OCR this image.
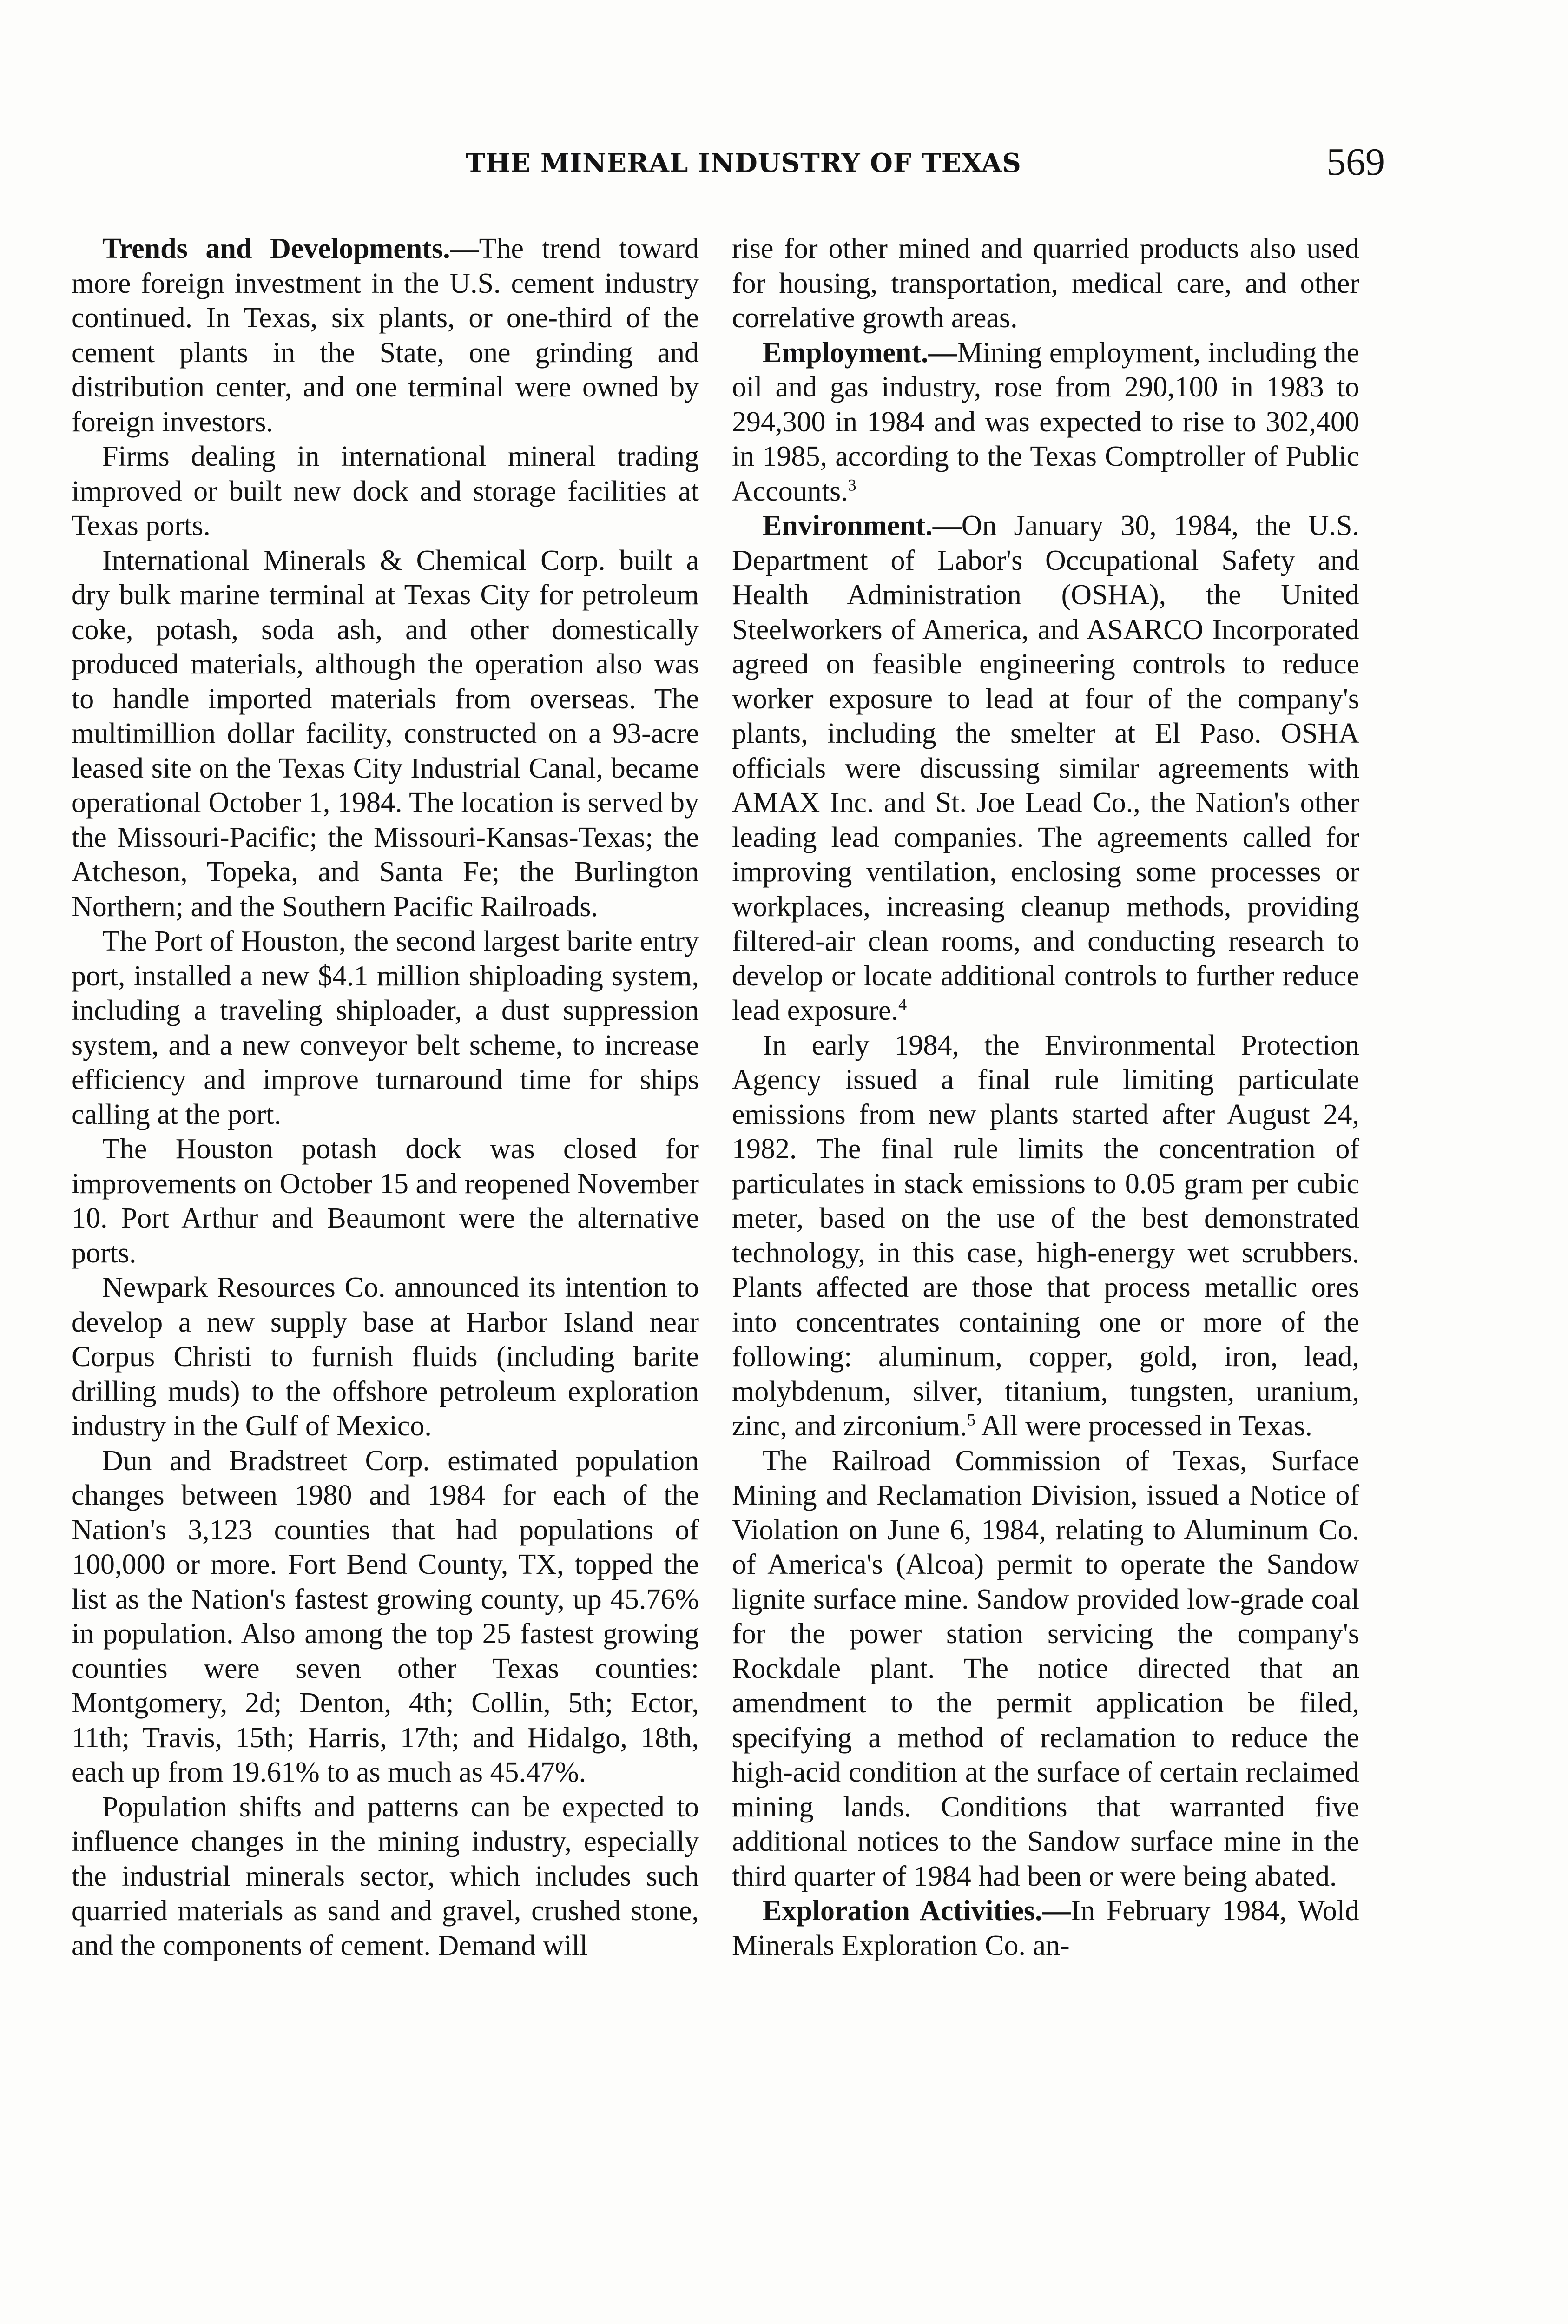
THE MINERAL INDUSTRY OF TEXAS	569

Trends and Developments.—The trend toward more foreign investment in the U.S. cement industry continued. In Texas, six plants, or one-third of the cement plants in the State, one grinding and distribution center, and one terminal were owned by foreign investors.

Firms dealing in international mineral trading improved or built new dock and storage facilities at Texas ports.

International Minerals & Chemical Corp. built a dry bulk marine terminal at Texas City for petroleum coke, potash, soda ash, and other domestically produced materials, although the operation also was to handle imported materials from overseas. The multimillion dollar facility, constructed on a 93-acre leased site on the Texas City Industrial Canal, became operational October 1, 1984. The location is served by the Missouri-Pacific; the Missouri-Kansas-Texas; the Atcheson, Topeka, and Santa Fe; the Burlington Northern; and the Southern Pacific Railroads.

The Port of Houston, the second largest barite entry port, installed a new $4.1 million shiploading system, including a traveling shiploader, a dust suppression system, and a new conveyor belt scheme, to increase efficiency and improve turnaround time for ships calling at the port.

The Houston potash dock was closed for improvements on October 15 and reopened November 10. Port Arthur and Beaumont were the alternative ports.

Newpark Resources Co. announced its intention to develop a new supply base at Harbor Island near Corpus Christi to furnish fluids (including barite drilling muds) to the offshore petroleum exploration industry in the Gulf of Mexico.

Dun and Bradstreet Corp. estimated population changes between 1980 and 1984 for each of the Nation's 3,123 counties that had populations of 100,000 or more. Fort Bend County, TX, topped the list as the Nation's fastest growing county, up 45.76% in population. Also among the top 25 fastest growing counties were seven other Texas counties: Montgomery, 2d; Denton, 4th; Collin, 5th; Ector, 11th; Travis, 15th; Harris, 17th; and Hidalgo, 18th, each up from 19.61% to as much as 45.47%.

Population shifts and patterns can be expected to influence changes in the mining industry, especially the industrial minerals sector, which includes such quarried materials as sand and gravel, crushed stone, and the components of cement. Demand will

rise for other mined and quarried products also used for housing, transportation, medical care, and other correlative growth areas.

Employment.—Mining employment, including the oil and gas industry, rose from 290,100 in 1983 to 294,300 in 1984 and was expected to rise to 302,400 in 1985, according to the Texas Comptroller of Public Accounts.$^3$

Environment.—On January 30, 1984, the U.S. Department of Labor's Occupational Safety and Health Administration (OSHA), the United Steelworkers of America, and ASARCO Incorporated agreed on feasible engineering controls to reduce worker exposure to lead at four of the company's plants, including the smelter at El Paso. OSHA officials were discussing similar agreements with AMAX Inc. and St. Joe Lead Co., the Nation's other leading lead companies. The agreements called for improving ventilation, enclosing some processes or workplaces, increasing cleanup methods, providing filtered-air clean rooms, and conducting research to develop or locate additional controls to further reduce lead exposure.$^4$

In early 1984, the Environmental Protection Agency issued a final rule limiting particulate emissions from new plants started after August 24, 1982. The final rule limits the concentration of particulates in stack emissions to 0.05 gram per cubic meter, based on the use of the best demonstrated technology, in this case, high-energy wet scrubbers. Plants affected are those that process metallic ores into concentrates containing one or more of the following: aluminum, copper, gold, iron, lead, molybdenum, silver, titanium, tungsten, uranium, zinc, and zirconium.$^5$ All were processed in Texas.

The Railroad Commission of Texas, Surface Mining and Reclamation Division, issued a Notice of Violation on June 6, 1984, relating to Aluminum Co. of America's (Alcoa) permit to operate the Sandow lignite surface mine. Sandow provided low-grade coal for the power station servicing the company's Rockdale plant. The notice directed that an amendment to the permit application be filed, specifying a method of reclamation to reduce the high-acid condition at the surface of certain reclaimed mining lands. Conditions that warranted five additional notices to the Sandow surface mine in the third quarter of 1984 had been or were being abated.

Exploration Activities.—In February 1984, Wold Minerals Exploration Co. an-
